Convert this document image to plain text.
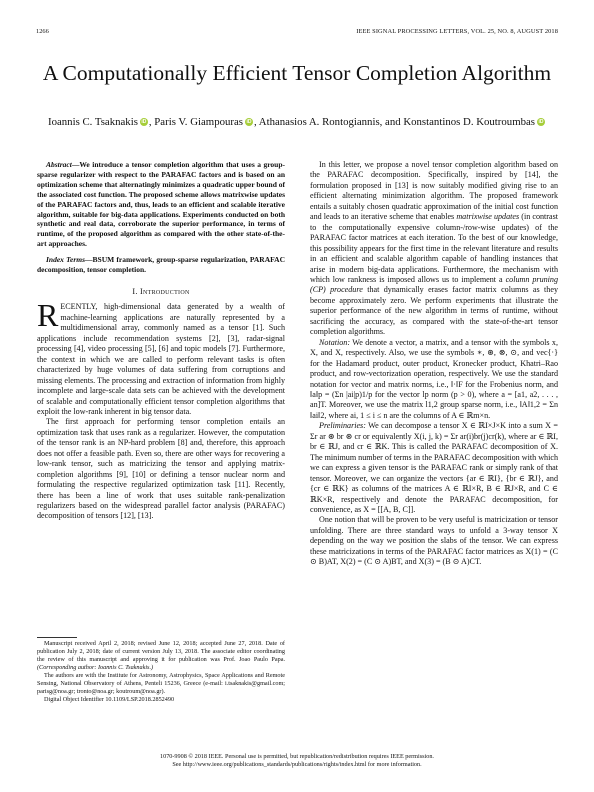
1266	IEEE SIGNAL PROCESSING LETTERS, VOL. 25, NO. 8, AUGUST 2018
A Computationally Efficient Tensor Completion Algorithm
Ioannis C. Tsaknakis iD , Paris V. Giampouras iD , Athanasios A. Rontogiannis, and Konstantinos D. Koutroumbas iD

Abstract—We introduce a tensor completion algorithm that uses a group-sparse regularizer with respect to the PARAFAC factors and is based on an optimization scheme that alternatingly minimizes a quadratic upper bound of the associated cost function. The proposed scheme allows matrixwise updates of the PARAFAC factors and, thus, leads to an efficient and scalable iterative algorithm, suitable for big-data applications. Experiments conducted on both synthetic and real data, corroborate the superior performance, in terms of runtime, of the proposed algorithm as compared with the other state-of-the-art approaches.

Index Terms—BSUM framework, group-sparse regularization, PARAFAC decomposition, tensor completion.

I. Introduction

RECENTLY, high-dimensional data generated by a wealth of machine-learning applications are naturally represented by a multidimensional array, commonly named as a tensor [1]. Such applications include recommendation systems [2], [3], radar-signal processing [4], video processing [5], [6] and topic models [7]. Furthermore, the context in which we are called to perform relevant tasks is often characterized by huge volumes of data suffering from corruptions and missing elements. The processing and extraction of information from highly incomplete and large-scale data sets can be achieved with the development of scalable and computationally efficient tensor completion algorithms that exploit the low-rank inherent in big tensor data.

The first approach for performing tensor completion entails an optimization task that uses rank as a regularizer. However, the computation of the tensor rank is an NP-hard problem [8] and, therefore, this approach does not offer a feasible path. Even so, there are other ways for recovering a low-rank tensor, such as matricizing the tensor and applying matrix-completion algorithms [9], [10] or defining a tensor nuclear norm and formulating the respective regularized optimization task [11]. Recently, there has been a line of work that uses suitable rank-penalization regularizers based on the widespread parallel factor analysis (PARAFAC) decomposition of tensors [12], [13].

Manuscript received April 2, 2018; revised June 12, 2018; accepted June 27, 2018. Date of publication July 2, 2018; date of current version July 13, 2018. The associate editor coordinating the review of this manuscript and approving it for publication was Prof. Joao Paulo Papa. (Corresponding author: Ioannis C. Tsaknakis.)

The authors are with the Institute for Astronomy, Astrophysics, Space Applications and Remote Sensing, National Observatory of Athens, Penteli 15236, Greece (e-mail: i.tsaknakis@gmail.com; parisg@noa.gr; tronto@noa.gr; koutroum@noa.gr).

Digital Object Identifier 10.1109/LSP.2018.2852490

In this letter, we propose a novel tensor completion algorithm based on the PARAFAC decomposition. Specifically, inspired by [14], the formulation proposed in [13] is now suitably modified giving rise to an efficient alternating minimization algorithm. The proposed framework entails a suitably chosen quadratic approximation of the initial cost function and leads to an iterative scheme that enables matrixwise updates (in contrast to the computationally expensive column-/row-wise updates) of the PARAFAC factor matrices at each iteration. To the best of our knowledge, this possibility appears for the first time in the relevant literature and results in an efficient and scalable algorithm capable of handling instances that arise in modern big-data applications. Furthermore, the mechanism with which low rankness is imposed allows us to implement a column pruning (CP) procedure that dynamically erases factor matrix columns as they become approximately zero. We perform experiments that illustrate the superior performance of the new algorithm in terms of runtime, without sacrificing the accuracy, as compared with the state-of-the-art tensor completion algorithms.

Notation: We denote a vector, a matrix, and a tensor with the symbols x, X, and X, respectively. Also, we use the symbols ∗, ⊛, ⊗, ⊙, and vec{·} for the Hadamard product, outer product, Kronecker product, Khatri–Rao product, and row-vectorization operation, respectively. We use the standard notation for vector and matrix norms, i.e., ‖·‖F for the Frobenius norm, and ‖a‖p = (Σn |ai|p)1/p for the vector lp norm (p > 0), where a = [a1, a2, . . . , an]T. Moreover, we use the matrix l1,2 group sparse norm, i.e., ‖A‖1,2 = Σn ‖ai‖2, where ai, 1 ≤ i ≤ n are the columns of A ∈ ℝm×n.

Preliminaries: We can decompose a tensor X ∈ ℝI×J×K into a sum X = Σr ar ⊛ br ⊛ cr or equivalently X(i, j, k) = Σr ar(i)br(j)cr(k), where ar ∈ ℝI, br ∈ ℝJ, and cr ∈ ℝK. This is called the PARAFAC decomposition of X. The minimum number of terms in the PARAFAC decomposition with which we can express a given tensor is the PARAFAC rank or simply rank of that tensor. Moreover, we can organize the vectors {ar ∈ ℝI}, {br ∈ ℝJ}, and {cr ∈ ℝK} as columns of the matrices A ∈ ℝI×R, B ∈ ℝJ×R, and C ∈ ℝK×R, respectively and denote the PARAFAC decomposition, for convenience, as X = [[A, B, C]].

One notion that will be proven to be very useful is matricization or tensor unfolding. There are three standard ways to unfold a 3-way tensor X depending on the way we position the slabs of the tensor. We can express these matricizations in terms of the PARAFAC factor matrices as X(1) = (C ⊙ B)AT, X(2) = (C ⊙ A)BT, and X(3) = (B ⊙ A)CT.

1070-9908 © 2018 IEEE. Personal use is permitted, but republication/redistribution requires IEEE permission.
See http://www.ieee.org/publications_standards/publications/rights/index.html for more information.
